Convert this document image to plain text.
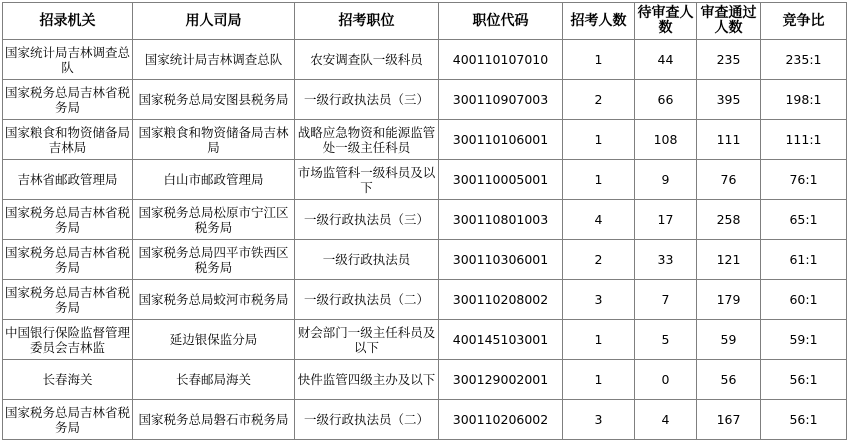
招录机关	用人司局	招考职位	职位代码	招考人数	待审查人数	审查通过人数	竞争比
国家统计局吉林调查总队	国家统计局吉林调查总队	农安调查队一级科员	400110107010	1	44	235	235:1
国家税务总局吉林省税务局	国家税务总局安图县税务局	一级行政执法员（三）	300110907003	2	66	395	198:1
国家粮食和物资储备局吉林局	国家粮食和物资储备局吉林局	战略应急物资和能源监管处一级主任科员	300110106001	1	108	111	111:1
吉林省邮政管理局	白山市邮政管理局	市场监管科一级科员及以下	300110005001	1	9	76	76:1
国家税务总局吉林省税务局	国家税务总局松原市宁江区税务局	一级行政执法员（三）	300110801003	4	17	258	65:1
国家税务总局吉林省税务局	国家税务总局四平市铁西区税务局	一级行政执法员	300110306001	2	33	121	61:1
国家税务总局吉林省税务局	国家税务总局蛟河市税务局	一级行政执法员（二）	300110208002	3	7	179	60:1
中国银行保险监督管理委员会吉林监	延边银保监分局	财会部门一级主任科员及以下	400145103001	1	5	59	59:1
长春海关	长春邮局海关	快件监管四级主办及以下	300129002001	1	0	56	56:1
国家税务总局吉林省税务局	国家税务总局磐石市税务局	一级行政执法员（二）	300110206002	3	4	167	56:1
